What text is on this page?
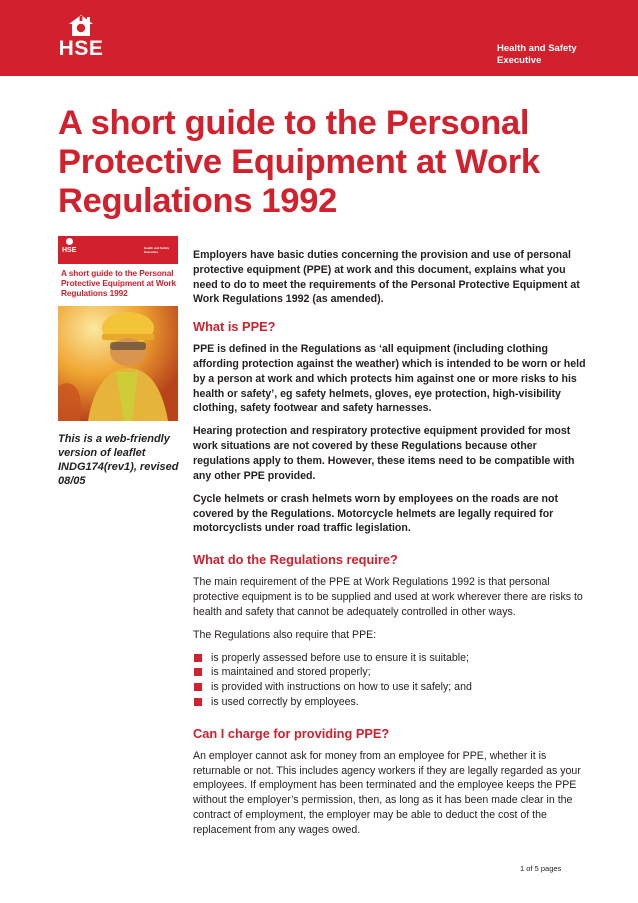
HSE	Health and Safety
Executive
A short guide to the Personal Protective Equipment at Work Regulations 1992
HSE	Health and Safety
Executive
A short guide to the Personal Protective Equipment at Work Regulations 1992
This is a web-friendly version of leaflet INDG174(rev1), revised 08/05

Employers have basic duties concerning the provision and use of personal protective equipment (PPE) at work and this document, explains what you need to do to meet the requirements of the Personal Protective Equipment at Work Regulations 1992 (as amended).

What is PPE?

PPE is defined in the Regulations as ‘all equipment (including clothing affording protection against the weather) which is intended to be worn or held by a person at work and which protects him against one or more risks to his health or safety’, eg safety helmets, gloves, eye protection, high-visibility clothing, safety footwear and safety harnesses.

Hearing protection and respiratory protective equipment provided for most work situations are not covered by these Regulations because other regulations apply to them. However, these items need to be compatible with any other PPE provided.

Cycle helmets or crash helmets worn by employees on the roads are not covered by the Regulations. Motorcycle helmets are legally required for motorcyclists under road traffic legislation.

What do the Regulations require?

The main requirement of the PPE at Work Regulations 1992 is that personal protective equipment is to be supplied and used at work wherever there are risks to health and safety that cannot be adequately controlled in other ways.

The Regulations also require that PPE:

is properly assessed before use to ensure it is suitable;
is maintained and stored properly;
is provided with instructions on how to use it safely; and
is used correctly by employees.
Can I charge for providing PPE?

An employer cannot ask for money from an employee for PPE, whether it is returnable or not. This includes agency workers if they are legally regarded as your employees. If employment has been terminated and the employee keeps the PPE without the employer’s permission, then, as long as it has been made clear in the contract of employment, the employer may be able to deduct the cost of the replacement from any wages owed.

1 of 5 pages
